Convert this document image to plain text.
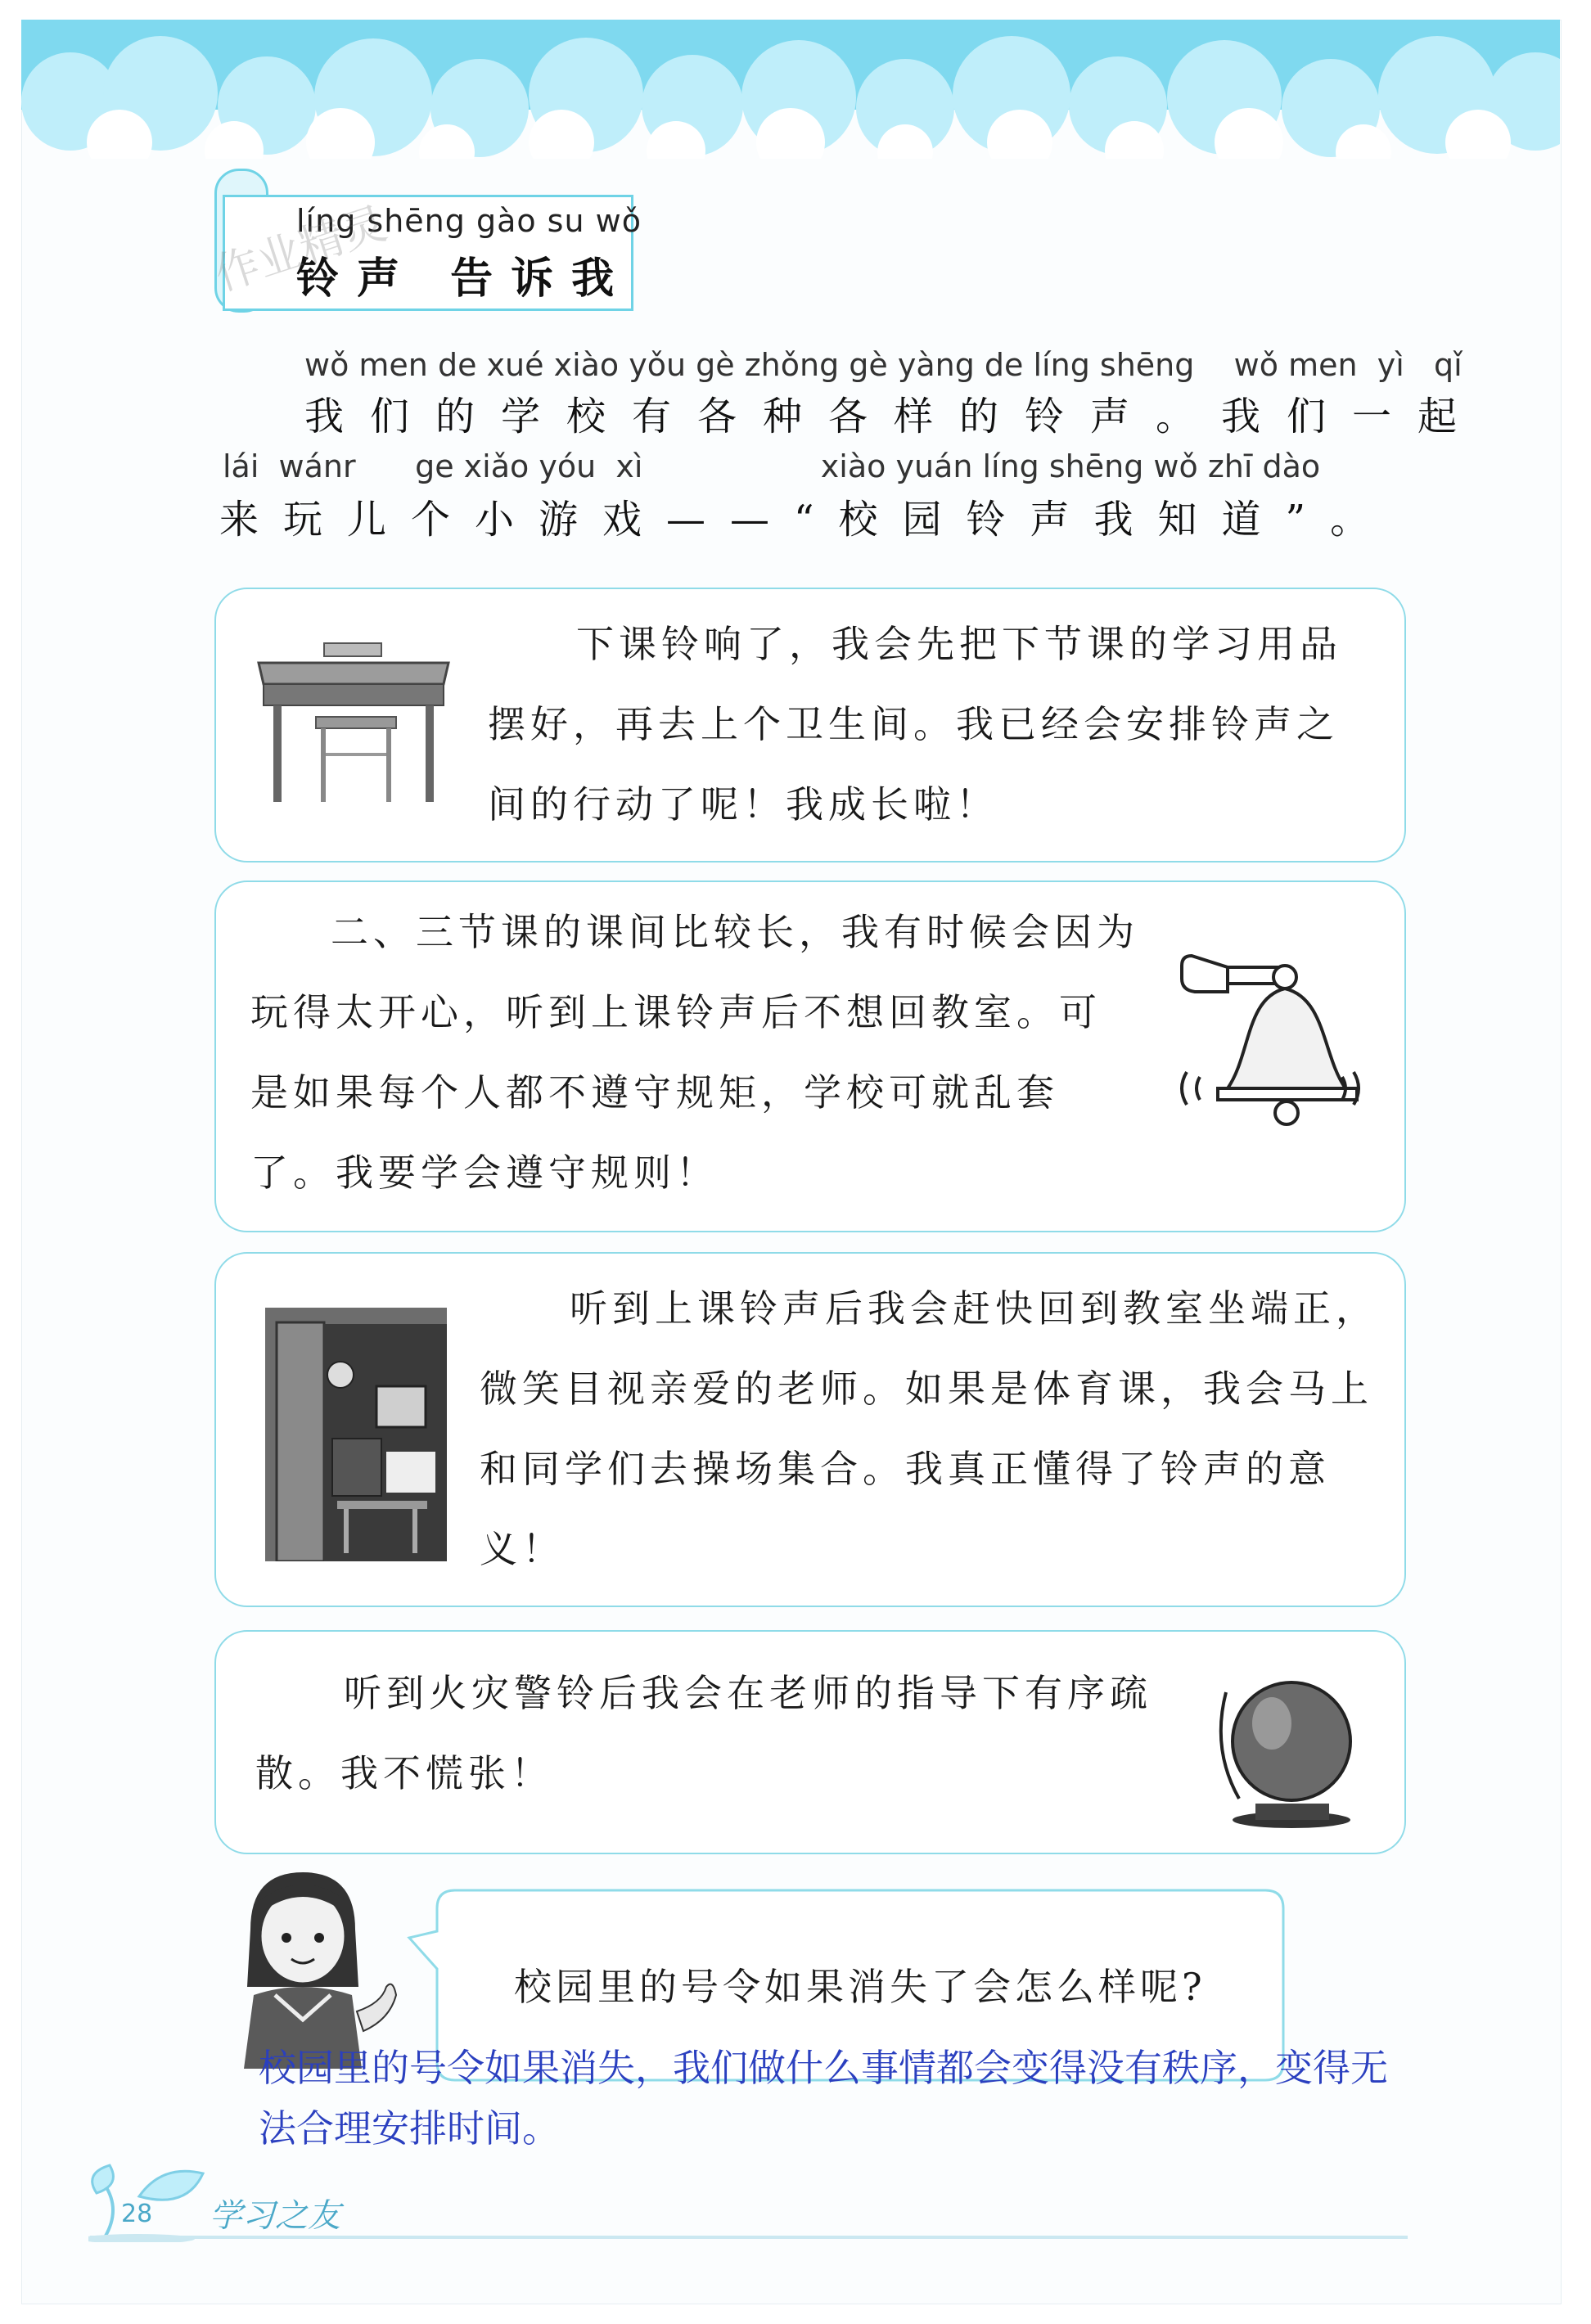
líng shēng gào su wǒ
铃声 告诉我
作业精灵
wǒ men de xué xiào yǒu gè zhǒng gè yàng de líng shēng    wǒ men  yì   qǐ
我们的学校有各种各样的铃声。我们一起
lái  wánr      ge xiǎo yóu  xì                  xiào yuán líng shēng wǒ zhī dào
来玩儿个小游戏——“校园铃声我知道”。
下课铃响了，我会先把下节课的学习用品摆好，再去上个卫生间。我已经会安排铃声之间的行动了呢！我成长啦！
二、三节课的课间比较长，我有时候会因为玩得太开心，听到上课铃声后不想回教室。可是如果每个人都不遵守规矩，学校可就乱套了。我要学会遵守规则！
听到上课铃声后我会赶快回到教室坐端正，微笑目视亲爱的老师。如果是体育课，我会马上和同学们去操场集合。我真正懂得了铃声的意义！
听到火灾警铃后我会在老师的指导下有序疏散。我不慌张！
校园里的号令如果消失了会怎么样呢?
校园里的号令如果消失，我们做什么事情都会变得没有秩序，变得无法合理安排时间。
28 学习之友
